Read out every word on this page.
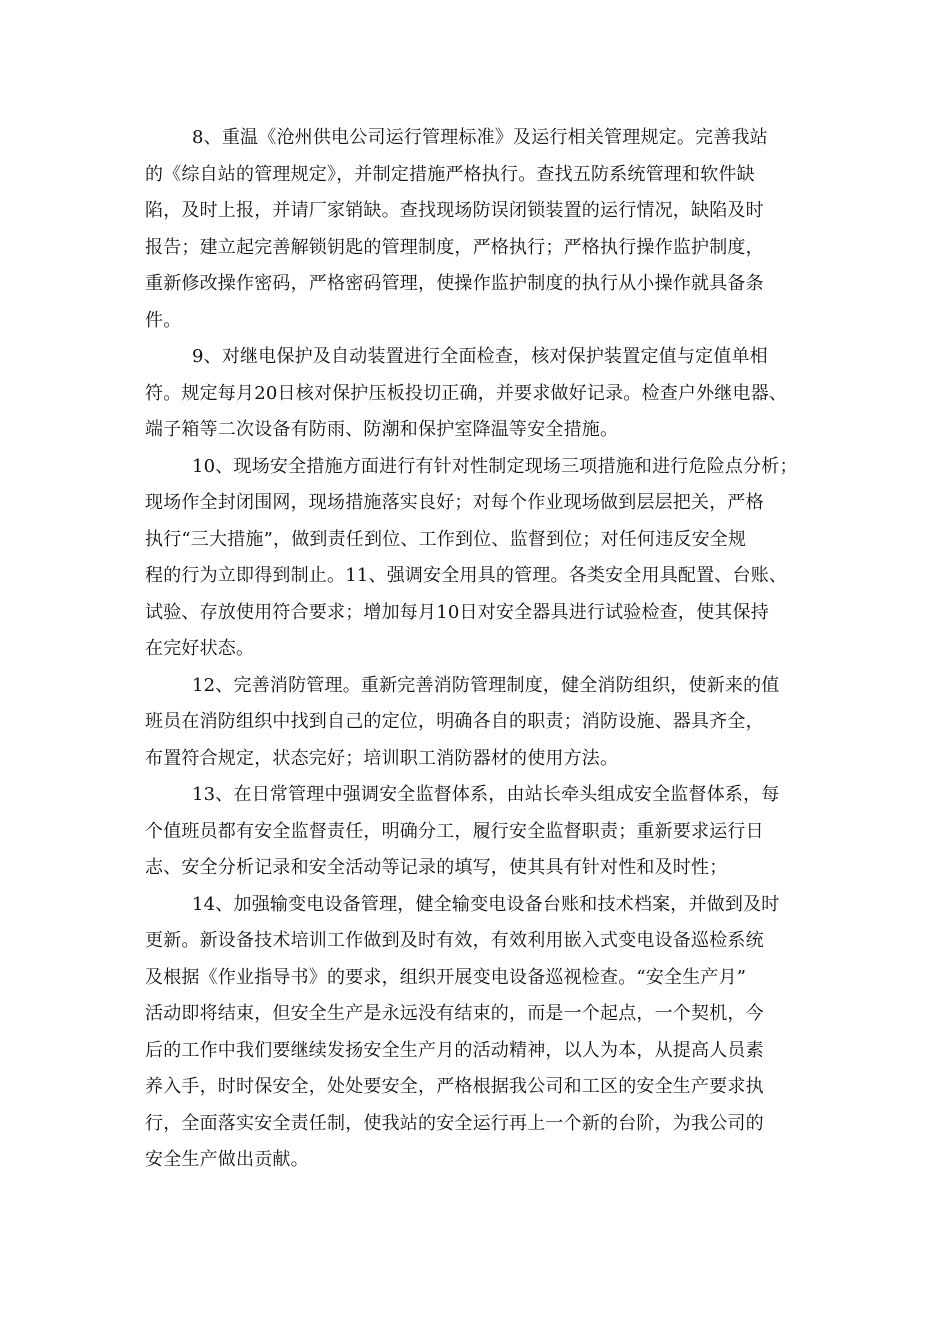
8、重温《沧州供电公司运行管理标准》及运行相关管理规定。完善我站
的《综自站的管理规定》，并制定措施严格执行。查找五防系统管理和软件缺
陷，及时上报，并请厂家销缺。查找现场防误闭锁装置的运行情况，缺陷及时
报告；建立起完善解锁钥匙的管理制度，严格执行；严格执行操作监护制度，
重新修改操作密码，严格密码管理，使操作监护制度的执行从小操作就具备条
件。
9、对继电保护及自动装置进行全面检查，核对保护装置定值与定值单相
符。规定每月20日核对保护压板投切正确，并要求做好记录。检查户外继电器、
端子箱等二次设备有防雨、防潮和保护室降温等安全措施。
10、现场安全措施方面进行有针对性制定现场三项措施和进行危险点分析；
现场作全封闭围网，现场措施落实良好；对每个作业现场做到层层把关，严格
执行“三大措施”，做到责任到位、工作到位、监督到位；对任何违反安全规
程的行为立即得到制止。11、强调安全用具的管理。各类安全用具配置、台账、
试验、存放使用符合要求；增加每月10日对安全器具进行试验检查，使其保持
在完好状态。
12、完善消防管理。重新完善消防管理制度，健全消防组织，使新来的值
班员在消防组织中找到自己的定位，明确各自的职责；消防设施、器具齐全，
布置符合规定，状态完好；培训职工消防器材的使用方法。
13、在日常管理中强调安全监督体系，由站长牵头组成安全监督体系，每
个值班员都有安全监督责任，明确分工，履行安全监督职责；重新要求运行日
志、安全分析记录和安全活动等记录的填写，使其具有针对性和及时性；
14、加强输变电设备管理，健全输变电设备台账和技术档案，并做到及时
更新。新设备技术培训工作做到及时有效，有效利用嵌入式变电设备巡检系统
及根据《作业指导书》的要求，组织开展变电设备巡视检查。“安全生产月”
活动即将结束，但安全生产是永远没有结束的，而是一个起点，一个契机，今
后的工作中我们要继续发扬安全生产月的活动精神，以人为本，从提高人员素
养入手，时时保安全，处处要安全，严格根据我公司和工区的安全生产要求执
行，全面落实安全责任制，使我站的安全运行再上一个新的台阶，为我公司的
安全生产做出贡献。
